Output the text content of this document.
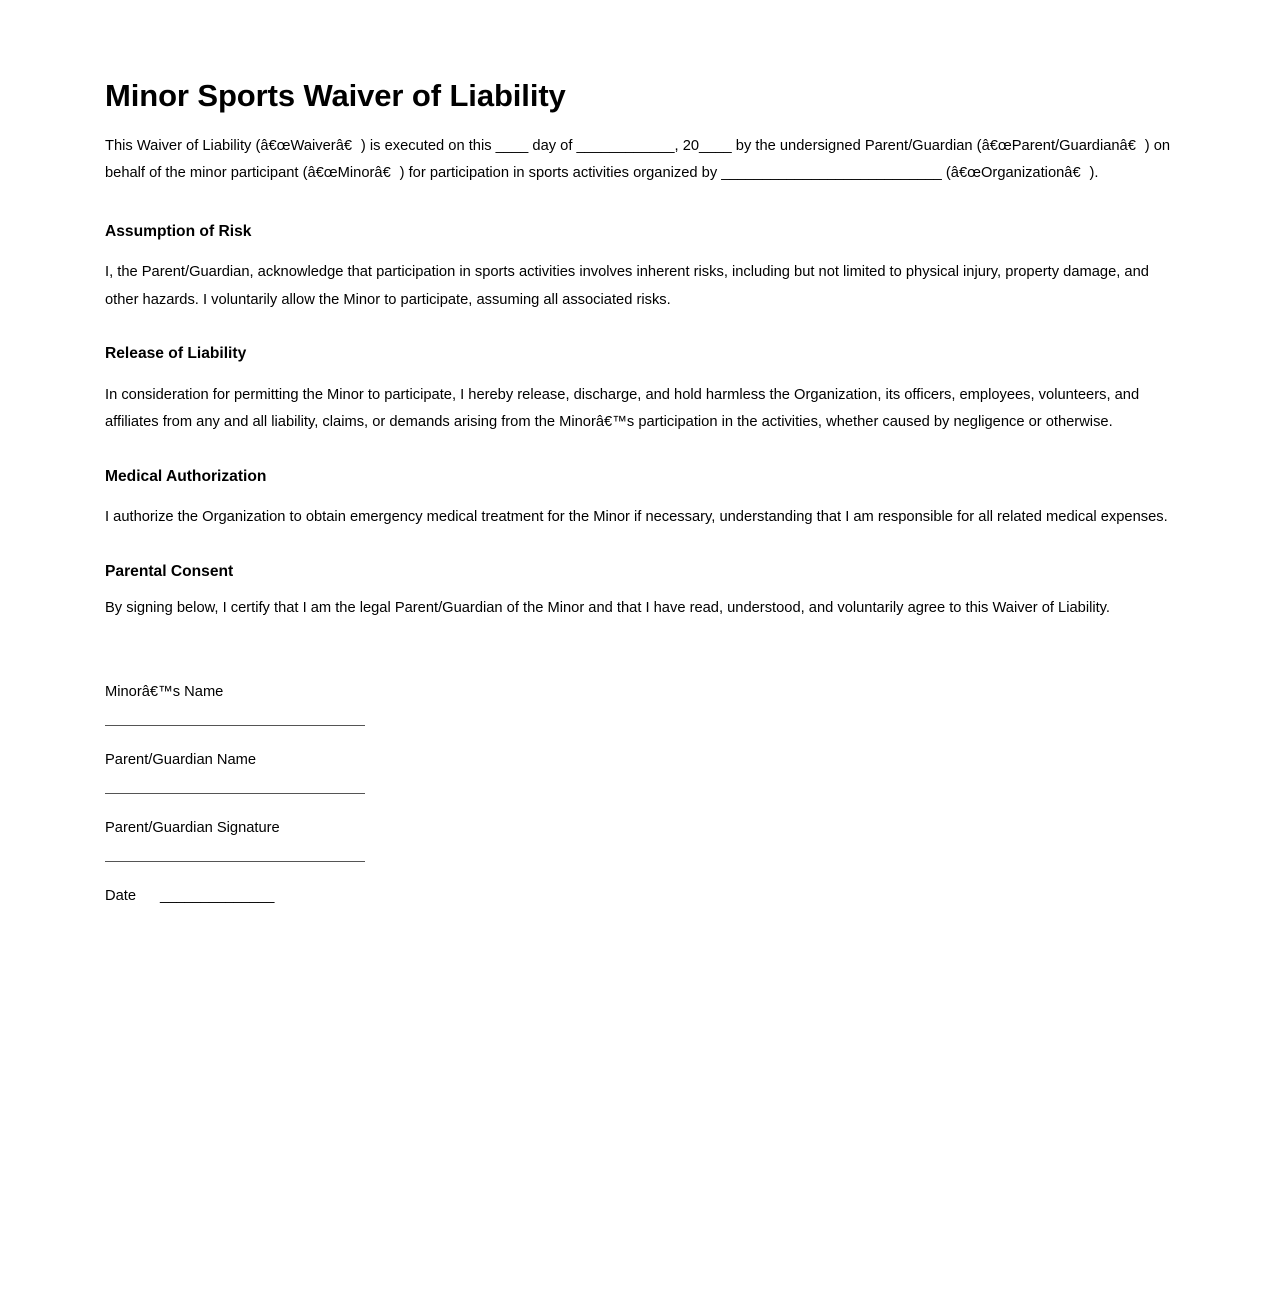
Minor Sports Waiver of Liability

This Waiver of Liability (â€œWaiverâ€) is executed on this ____ day of ____________, 20____ by the undersigned Parent/Guardian (â€œParent/Guardianâ€) on behalf of the minor participant (â€œMinorâ€) for participation in sports activities organized by ___________________________ (â€œOrganizationâ€).

Assumption of Risk

I, the Parent/Guardian, acknowledge that participation in sports activities involves inherent risks, including but not limited to physical injury, property damage, and other hazards. I voluntarily allow the Minor to participate, assuming all associated risks.

Release of Liability

In consideration for permitting the Minor to participate, I hereby release, discharge, and hold harmless the Organization, its officers, employees, volunteers, and affiliates from any and all liability, claims, or demands arising from the Minorâ€™s participation in the activities, whether caused by negligence or otherwise.

Medical Authorization

I authorize the Organization to obtain emergency medical treatment for the Minor if necessary, understanding that I am responsible for all related medical expenses.

Parental Consent

By signing below, I certify that I am the legal Parent/Guardian of the Minor and that I have read, understood, and voluntarily agree to this Waiver of Liability.

Minorâ€™s Name
Parent/Guardian Name
Parent/Guardian Signature
Date ______________
